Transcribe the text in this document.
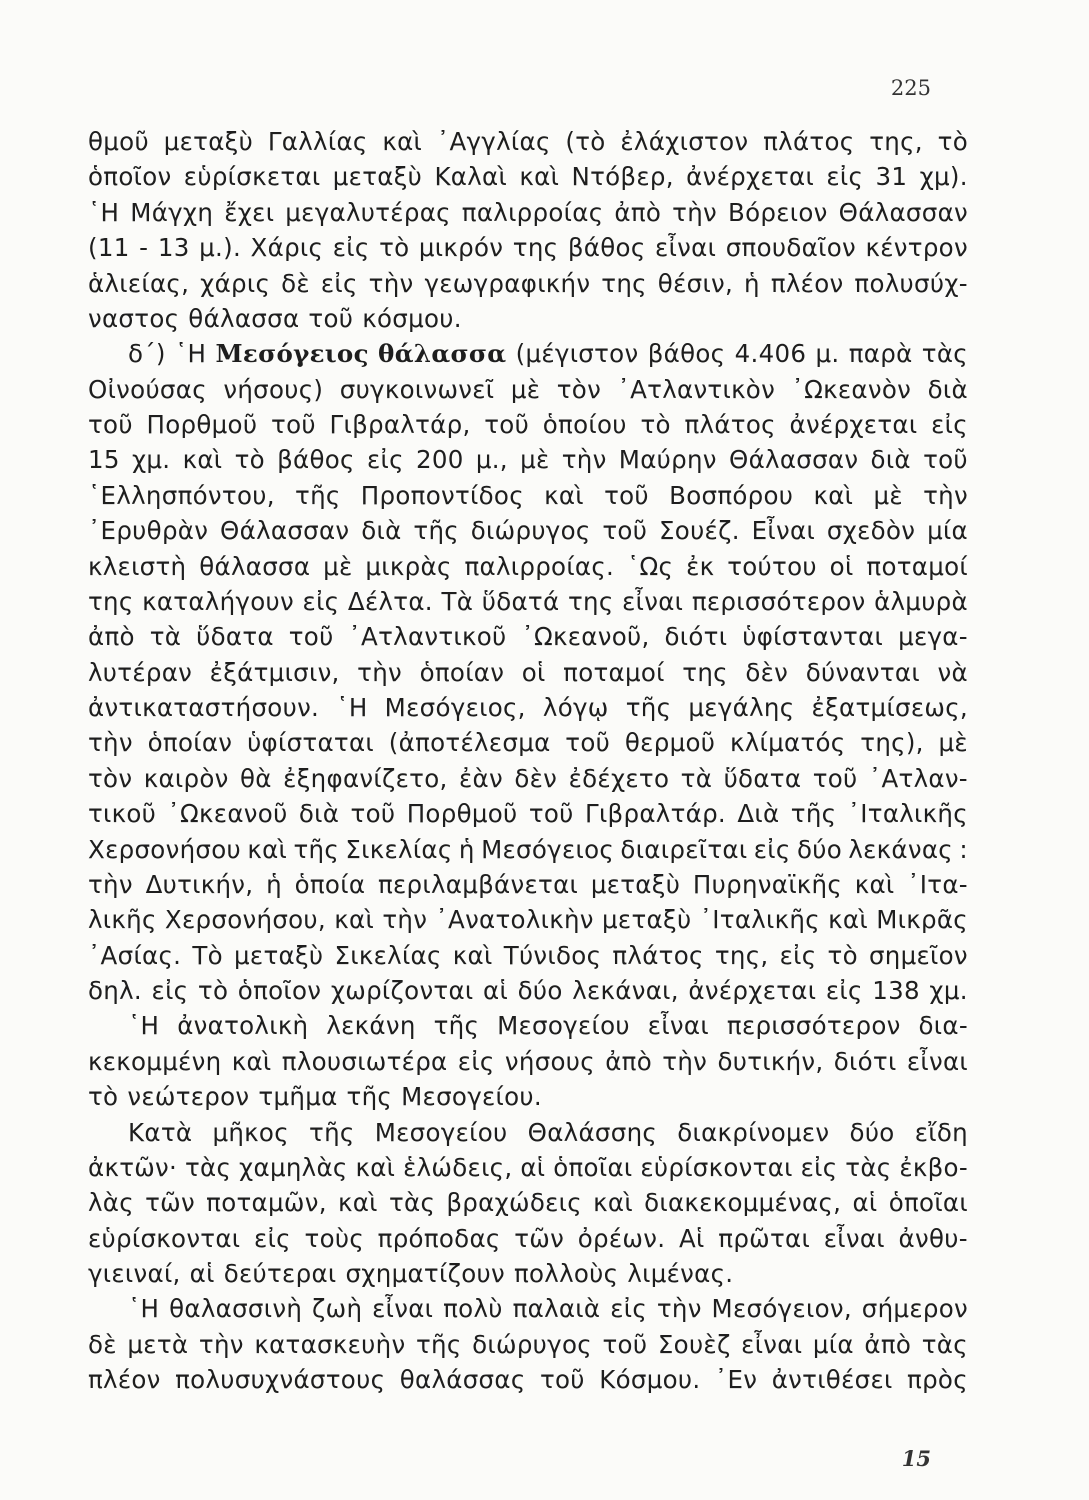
225
θμοῦ μεταξὺ Γαλλίας καὶ ᾿Αγγλίας (τὸ ἐλάχιστον πλάτος της, τὸ
ὁποῖον εὑρίσκεται μεταξὺ Καλαὶ καὶ Ντόβερ, ἀνέρχεται εἰς 31 χμ).
῾Η Μάγχη ἔχει μεγαλυτέρας παλιρροίας ἀπὸ τὴν Βόρειον Θάλασσαν
(11 - 13 μ.). Χάρις εἰς τὸ μικρόν της βάθος εἶναι σπουδαῖον κέντρον
ἁλιείας, χάρις δὲ εἰς τὴν γεωγραφικήν της θέσιν, ἡ πλέον πολυσύχ-
ναστος θάλασσα τοῦ κόσμου.
δ΄) ῾Η Μεσόγειος θάλασσα (μέγιστον βάθος 4.406 μ. παρὰ τὰς
Οἰνούσας νήσους) συγκοινωνεῖ μὲ τὸν ᾿Ατλαντικὸν ᾿Ωκεανὸν διὰ
τοῦ Πορθμοῦ τοῦ Γιβραλτάρ, τοῦ ὁποίου τὸ πλάτος ἀνέρχεται εἰς
15 χμ. καὶ τὸ βάθος εἰς 200 μ., μὲ τὴν Μαύρην Θάλασσαν διὰ τοῦ
῾Ελλησπόντου, τῆς Προποντίδος καὶ τοῦ Βοσπόρου καὶ μὲ τὴν
᾿Ερυθρὰν Θάλασσαν διὰ τῆς διώρυγος τοῦ Σουέζ. Εἶναι σχεδὸν μία
κλειστὴ θάλασσα μὲ μικρὰς παλιρροίας. ῾Ως ἐκ τούτου οἱ ποταμοί
της καταλήγουν εἰς Δέλτα. Τὰ ὕδατά της εἶναι περισσότερον ἁλμυρὰ
ἀπὸ τὰ ὕδατα τοῦ ᾿Ατλαντικοῦ ᾿Ωκεανοῦ, διότι ὑφίστανται μεγα-
λυτέραν ἐξάτμισιν, τὴν ὁποίαν οἱ ποταμοί της δὲν δύνανται νὰ
ἀντικαταστήσουν. ῾Η Μεσόγειος, λόγῳ τῆς μεγάλης ἐξατμίσεως,
τὴν ὁποίαν ὑφίσταται (ἀποτέλεσμα τοῦ θερμοῦ κλίματός της), μὲ
τὸν καιρὸν θὰ ἐξηφανίζετο, ἐὰν δὲν ἐδέχετο τὰ ὕδατα τοῦ ᾿Ατλαν-
τικοῦ ᾿Ωκεανοῦ διὰ τοῦ Πορθμοῦ τοῦ Γιβραλτάρ. Διὰ τῆς ᾿Ιταλικῆς
Χερσονήσου καὶ τῆς Σικελίας ἡ Μεσόγειος διαιρεῖται εἰς δύο λεκάνας :
τὴν Δυτικήν, ἡ ὁποία περιλαμβάνεται μεταξὺ Πυρηναϊκῆς καὶ ᾿Ιτα-
λικῆς Χερσονήσου, καὶ τὴν ᾿Ανατολικὴν μεταξὺ ᾿Ιταλικῆς καὶ Μικρᾶς
᾿Ασίας. Τὸ μεταξὺ Σικελίας καὶ Τύνιδος πλάτος της, εἰς τὸ σημεῖον
δηλ. εἰς τὸ ὁποῖον χωρίζονται αἱ δύο λεκάναι, ἀνέρχεται εἰς 138 χμ.
῾Η ἀνατολικὴ λεκάνη τῆς Μεσογείου εἶναι περισσότερον δια-
κεκομμένη καὶ πλουσιωτέρα εἰς νήσους ἀπὸ τὴν δυτικήν, διότι εἶναι
τὸ νεώτερον τμῆμα τῆς Μεσογείου.
Κατὰ μῆκος τῆς Μεσογείου Θαλάσσης διακρίνομεν δύο εἴδη
ἀκτῶν· τὰς χαμηλὰς καὶ ἑλώδεις, αἱ ὁποῖαι εὑρίσκονται εἰς τὰς ἐκβο-
λὰς τῶν ποταμῶν, καὶ τὰς βραχώδεις καὶ διακεκομμένας, αἱ ὁποῖαι
εὑρίσκονται εἰς τοὺς πρόποδας τῶν ὀρέων. Αἱ πρῶται εἶναι ἀνθυ-
γιειναί, αἱ δεύτεραι σχηματίζουν πολλοὺς λιμένας.
῾Η θαλασσινὴ ζωὴ εἶναι πολὺ παλαιὰ εἰς τὴν Μεσόγειον, σήμερον
δὲ μετὰ τὴν κατασκευὴν τῆς διώρυγος τοῦ Σουὲζ εἶναι μία ἀπὸ τὰς
πλέον πολυσυχνάστους θαλάσσας τοῦ Κόσμου. ᾿Εν ἀντιθέσει πρὸς
15
